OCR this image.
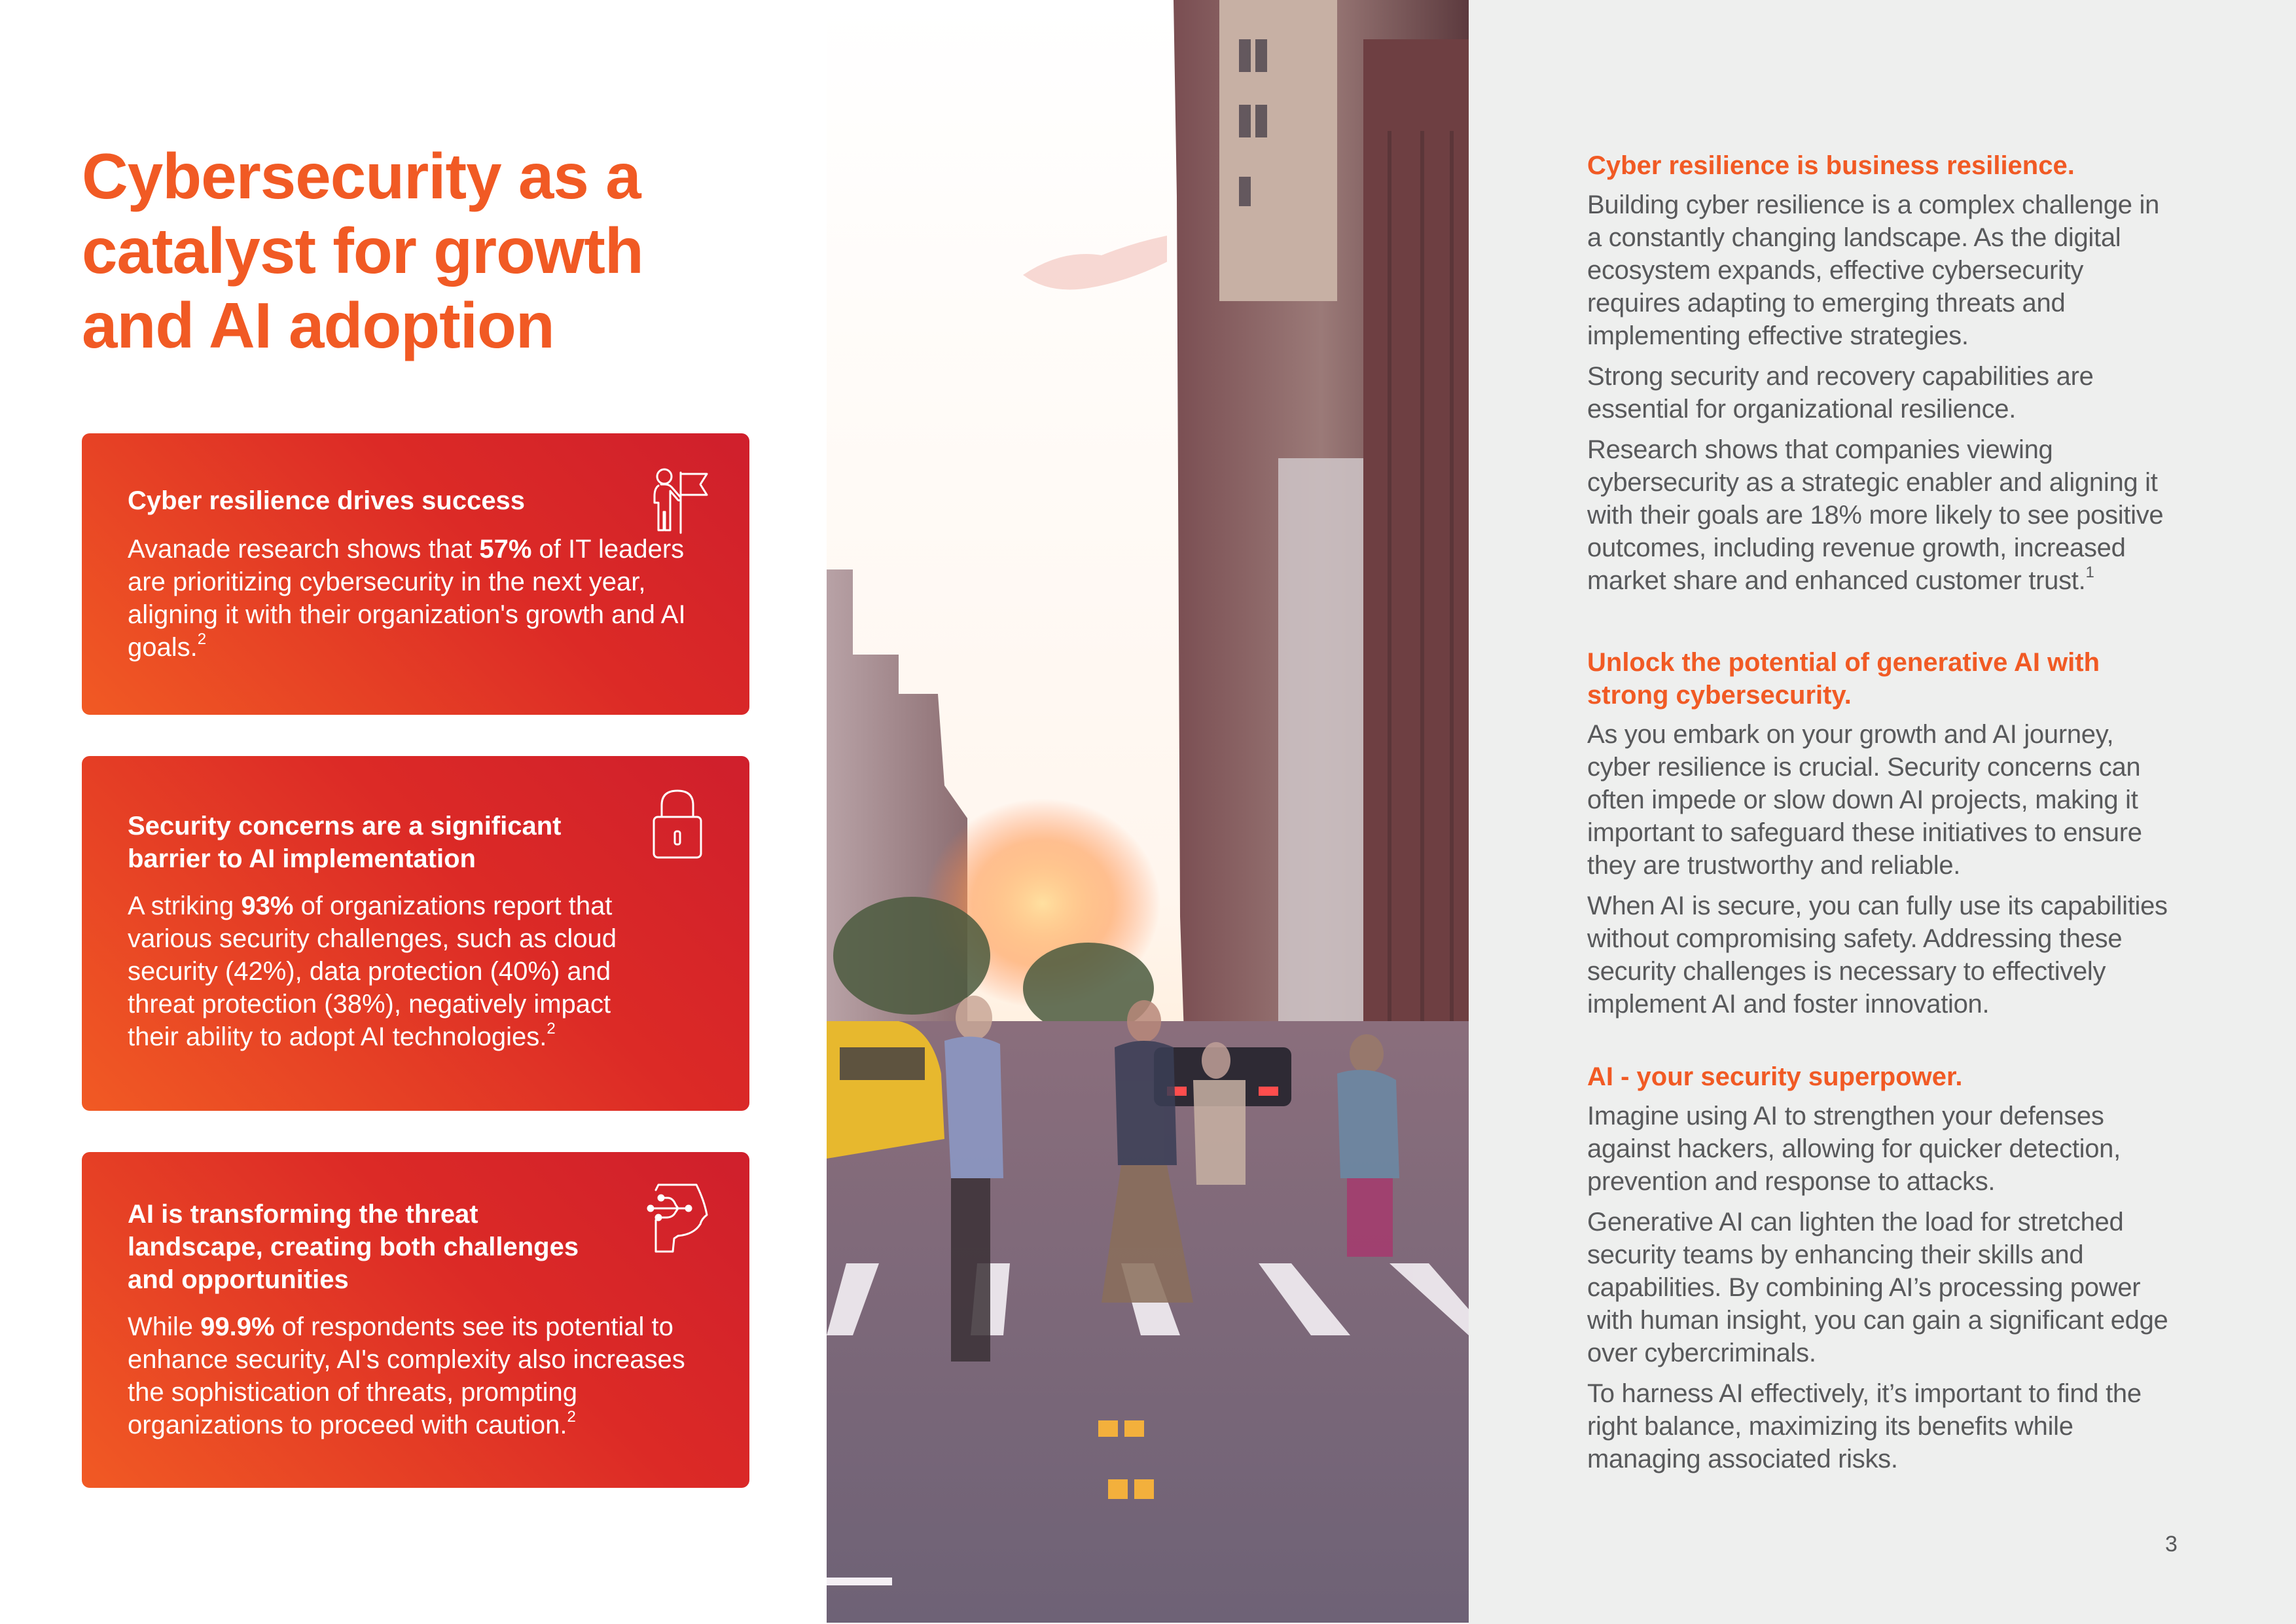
Cybersecurity as a
catalyst for growth
and AI adoption
Cyber resilience drives success
Avanade research shows that 57% of IT leaders are prioritizing cybersecurity in the next year, aligning it with their organization's growth and AI goals.$^2$
Security concerns are a significant barrier to AI implementation
A striking 93% of organizations report that various security challenges, such as cloud security (42%), data protection (40%) and threat protection (38%), negatively impact their ability to adopt AI technologies.$^2$
AI is transforming the threat landscape, creating both challenges and opportunities
While 99.9% of respondents see its potential to enhance security, AI's complexity also increases the sophistication of threats, prompting organizations to proceed with caution.$^2$
Cyber resilience is business resilience.

Building cyber resilience is a complex challenge in a constantly changing landscape. As the digital ecosystem expands, effective cybersecurity requires adapting to emerging threats and implementing effective strategies.

Strong security and recovery capabilities are essential for organizational resilience.

Research shows that companies viewing cybersecurity as a strategic enabler and aligning it with their goals are 18% more likely to see positive outcomes, including revenue growth, increased market share and enhanced customer trust.$^1$

Unlock the potential of generative AI with strong cybersecurity.

As you embark on your growth and AI journey, cyber resilience is crucial. Security concerns can often impede or slow down AI projects, making it important to safeguard these initiatives to ensure they are trustworthy and reliable.

When AI is secure, you can fully use its capabilities without compromising safety. Addressing these security challenges is necessary to effectively implement AI and foster innovation.

AI - your security superpower.

Imagine using AI to strengthen your defenses against hackers, allowing for quicker detection, prevention and response to attacks.

Generative AI can lighten the load for stretched security teams by enhancing their skills and capabilities. By combining AI’s processing power with human insight, you can gain a significant edge over cybercriminals.

To harness AI effectively, it’s important to find the right balance, maximizing its benefits while managing associated risks.

3
